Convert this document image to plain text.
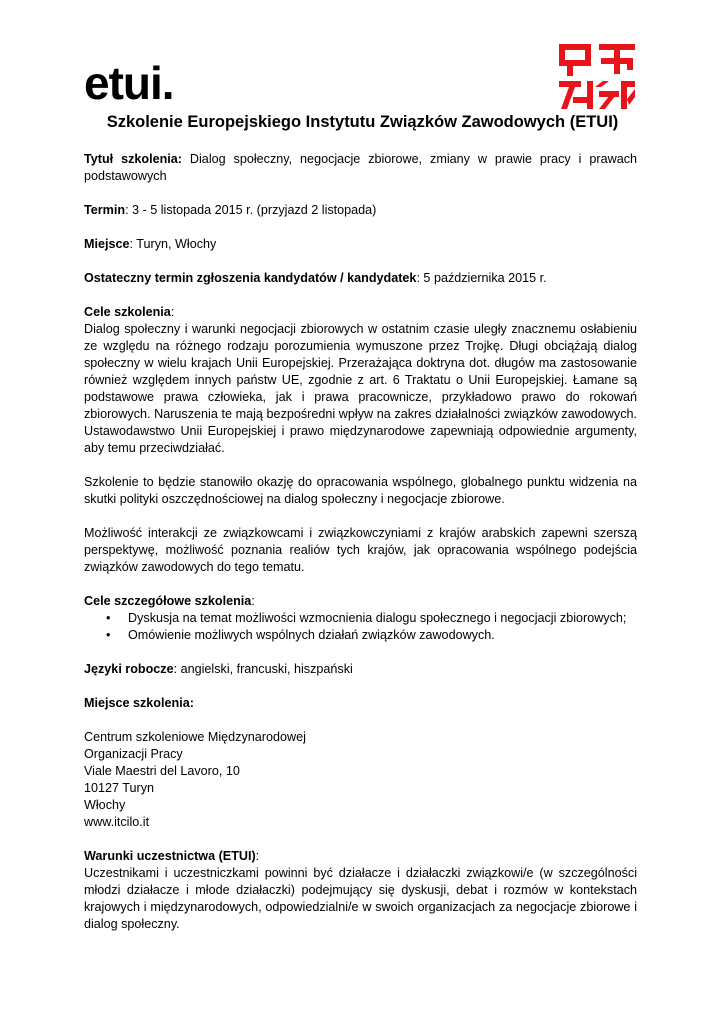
etui.
Szkolenie Europejskiego Instytutu Związków Zawodowych (ETUI)

Tytuł szkolenia: Dialog społeczny, negocjacje zbiorowe, zmiany w prawie pracy i prawach podstawowych

Termin: 3 - 5 listopada 2015 r. (przyjazd 2 listopada)

Miejsce: Turyn, Włochy

Ostateczny termin zgłoszenia kandydatów / kandydatek: 5 października 2015 r.

Cele szkolenia:

Dialog społeczny i warunki negocjacji zbiorowych w ostatnim czasie uległy znacznemu osłabieniu ze względu na różnego rodzaju porozumienia wymuszone przez Trojkę. Długi obciążają dialog społeczny w wielu krajach Unii Europejskiej. Przerażająca doktryna dot. długów ma zastosowanie również względem innych państw UE, zgodnie z art. 6 Traktatu o Unii Europejskiej. Łamane są podstawowe prawa człowieka, jak i prawa pracownicze, przykładowo prawo do rokowań zbiorowych. Naruszenia te mają bezpośredni wpływ na zakres działalności związków zawodowych. Ustawodawstwo Unii Europejskiej i prawo międzynarodowe zapewniają odpowiednie argumenty, aby temu przeciwdziałać.

Szkolenie to będzie stanowiło okazję do opracowania wspólnego, globalnego punktu widzenia na skutki polityki oszczędnościowej na dialog społeczny i negocjacje zbiorowe.

Możliwość interakcji ze związkowcami i związkowczyniami z krajów arabskich zapewni szerszą perspektywę, możliwość poznania realiów tych krajów, jak opracowania wspólnego podejścia związków zawodowych do tego tematu.

Cele szczegółowe szkolenia:

• Dyskusja na temat możliwości wzmocnienia dialogu społecznego i negocjacji zbiorowych;
• Omówienie możliwych wspólnych działań związków zawodowych.

Języki robocze: angielski, francuski, hiszpański

Miejsce szkolenia:

Centrum szkoleniowe Międzynarodowej
Organizacji Pracy
Viale Maestri del Lavoro, 10
10127 Turyn
Włochy
www.itcilo.it

Warunki uczestnictwa (ETUI):

Uczestnikami i uczestniczkami powinni być działacze i działaczki związkowi/e (w szczególności młodzi działacze i młode działaczki) podejmujący się dyskusji, debat i rozmów w kontekstach krajowych i międzynarodowych, odpowiedzialni/e w swoich organizacjach za negocjacje zbiorowe i dialog społeczny.
